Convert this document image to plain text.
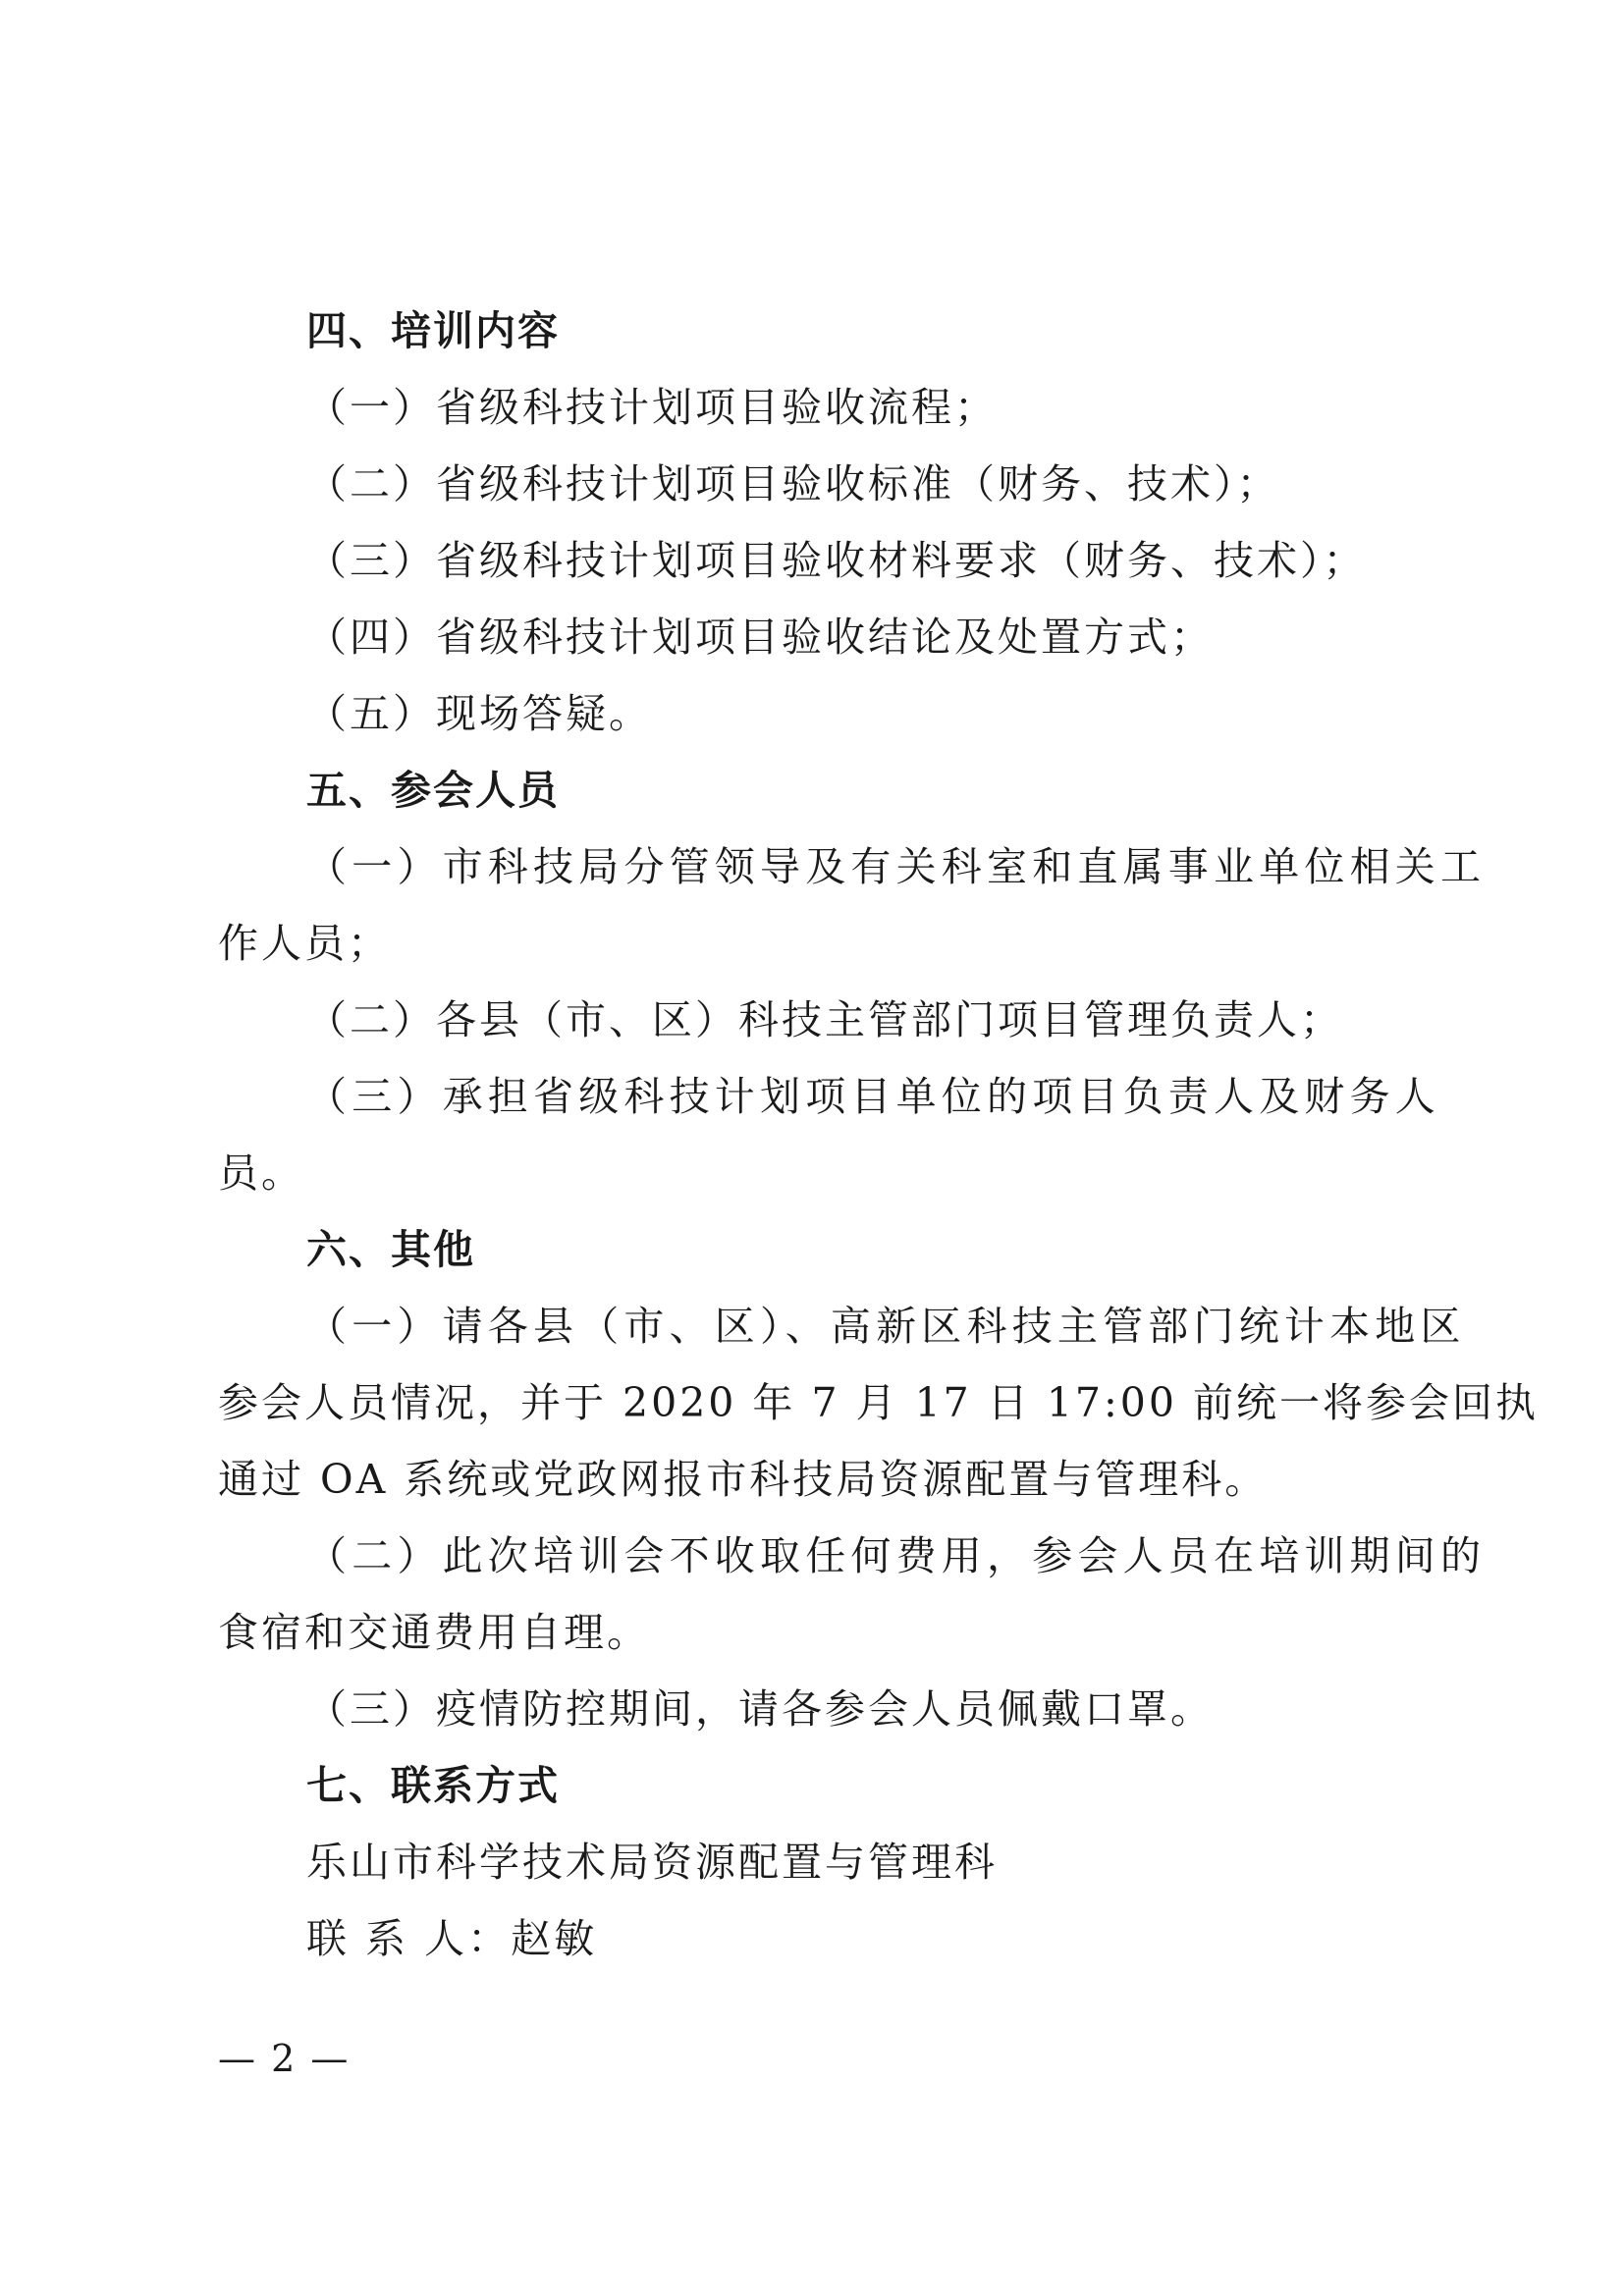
四、培训内容
（一）省级科技计划项目验收流程；
（二）省级科技计划项目验收标准（财务、技术）；
（三）省级科技计划项目验收材料要求（财务、技术）；
（四）省级科技计划项目验收结论及处置方式；
（五）现场答疑。
五、参会人员
（一）市科技局分管领导及有关科室和直属事业单位相关工
作人员；
（二）各县（市、区）科技主管部门项目管理负责人；
（三）承担省级科技计划项目单位的项目负责人及财务人
员。
六、其他
（一）请各县（市、区）、高新区科技主管部门统计本地区
参会人员情况，并于 2020 年 7 月 17 日 17:00 前统一将参会回执
通过 OA 系统或党政网报市科技局资源配置与管理科。
（二）此次培训会不收取任何费用，参会人员在培训期间的
食宿和交通费用自理。
（三）疫情防控期间，请各参会人员佩戴口罩。
七、联系方式
乐山市科学技术局资源配置与管理科
联 系 人：赵敏
— 2 —
